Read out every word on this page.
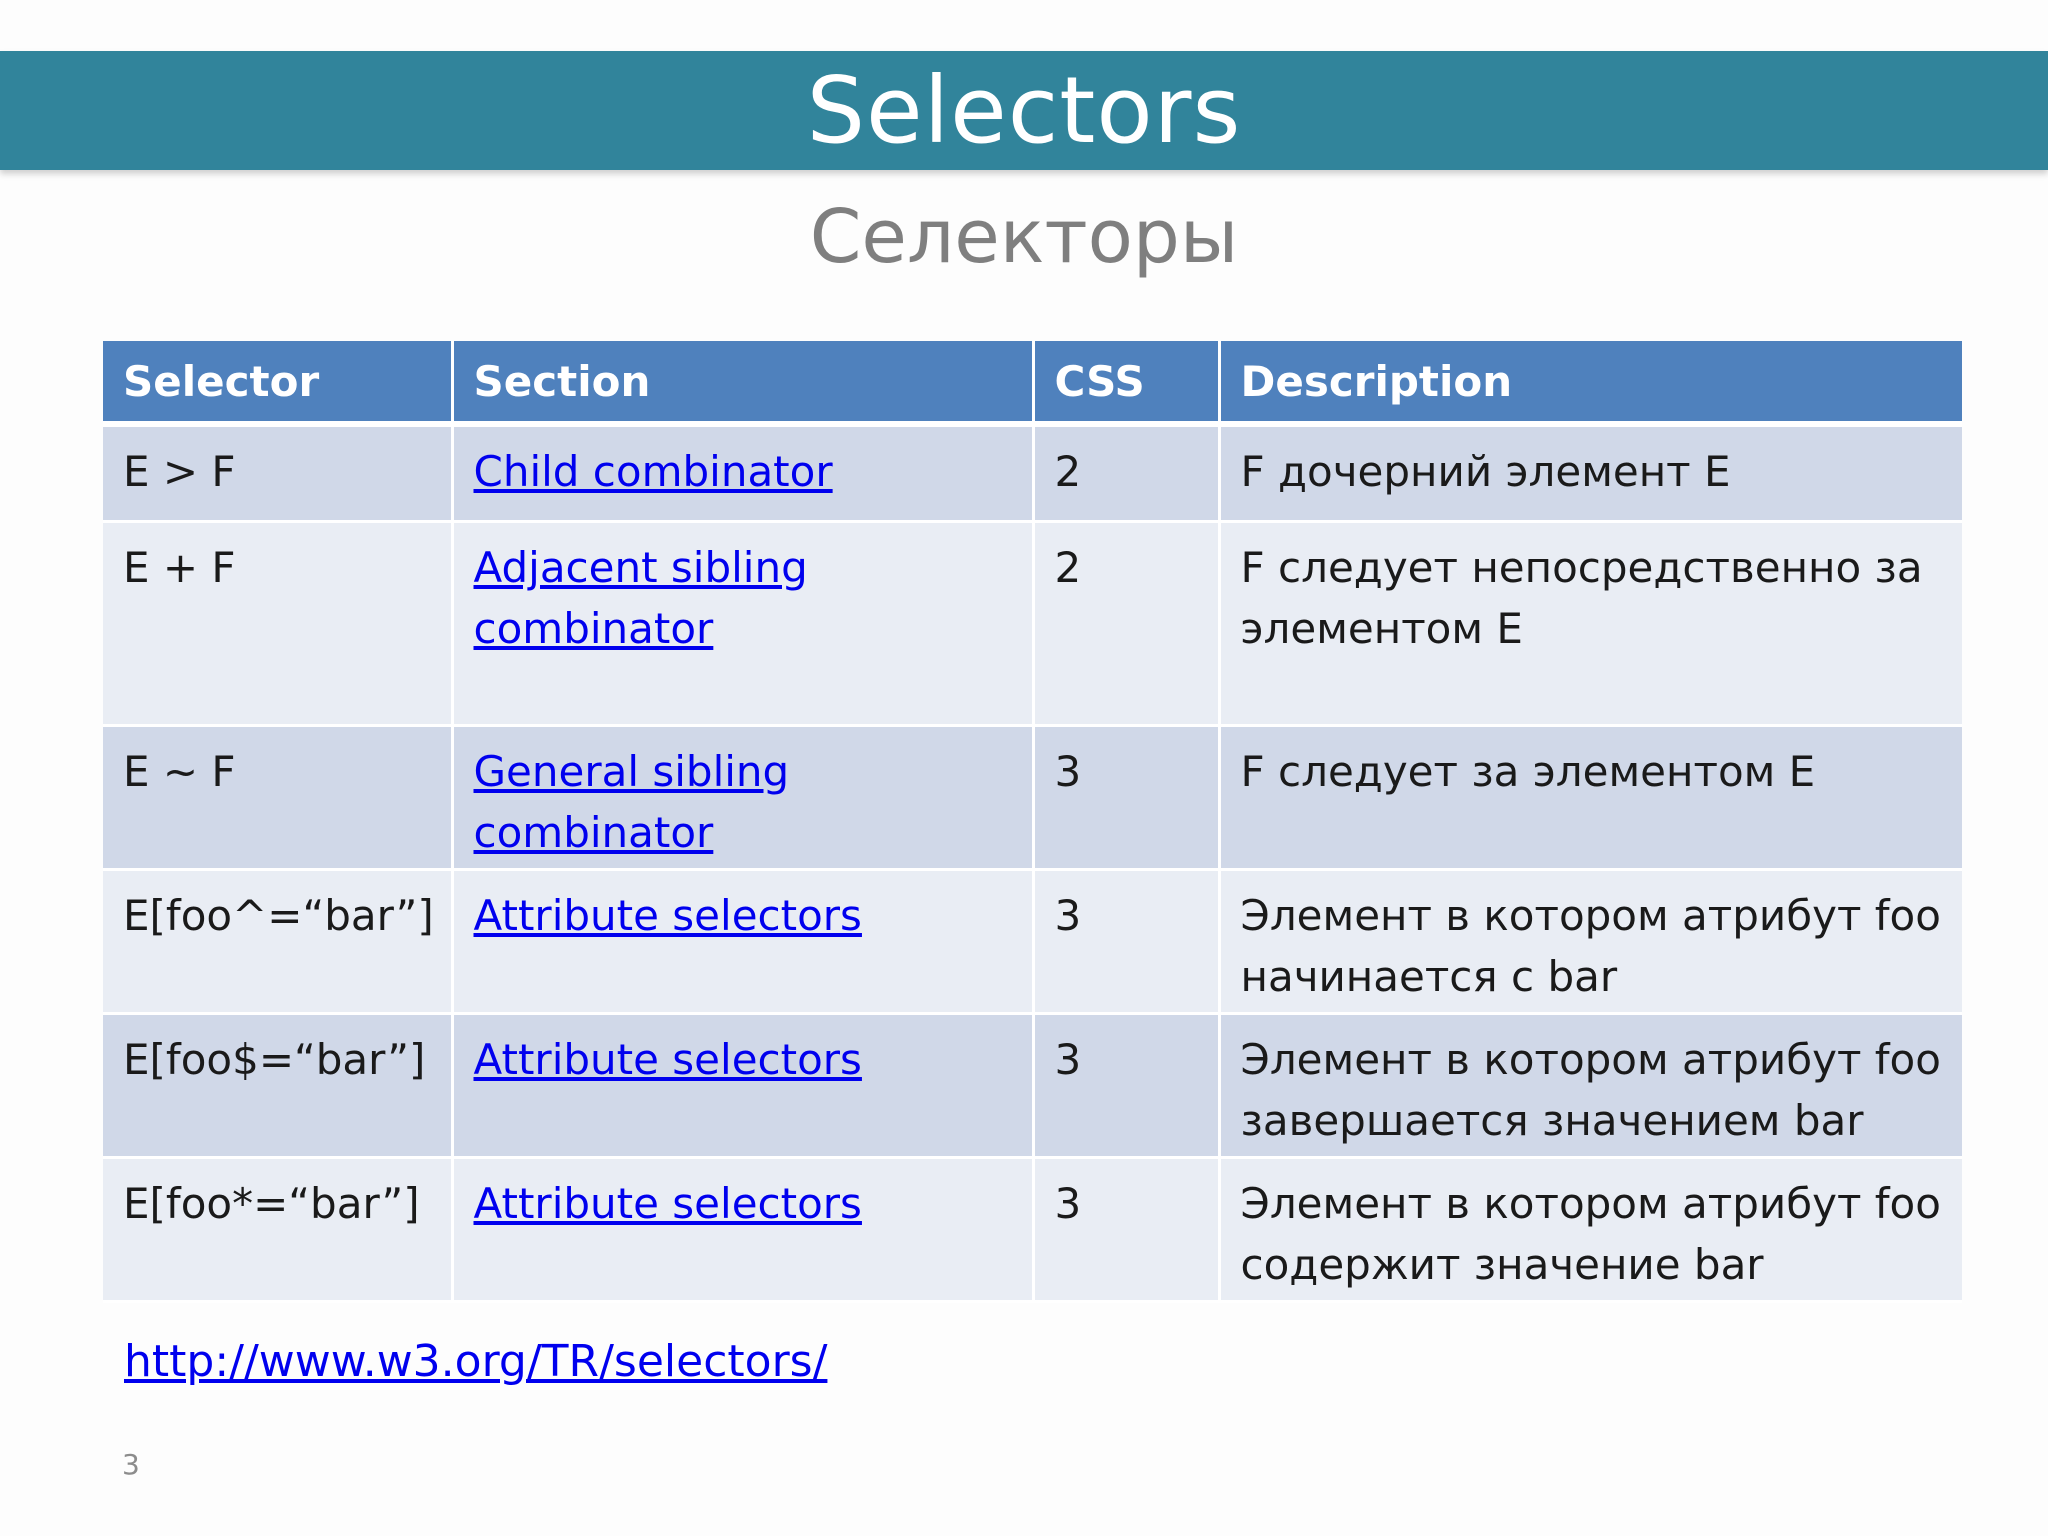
Selectors
Селекторы
Selector	Section	CSS	Description
E > F	Child combinator	2	F дочерний элемент E
E + F	Adjacent sibling combinator	2	F следует непосредственно за элементом E
E ~ F	General sibling combinator	3	F следует за элементом E
E[foo^=“bar”]	Attribute selectors	3	Элемент в котором атрибут foo начинается с bar
E[foo$=“bar”]	Attribute selectors	3	Элемент в котором атрибут foo завершается значением bar
E[foo*=“bar”]	Attribute selectors	3	Элемент в котором атрибут foo содержит значение bar
http://www.w3.org/TR/selectors/
3
